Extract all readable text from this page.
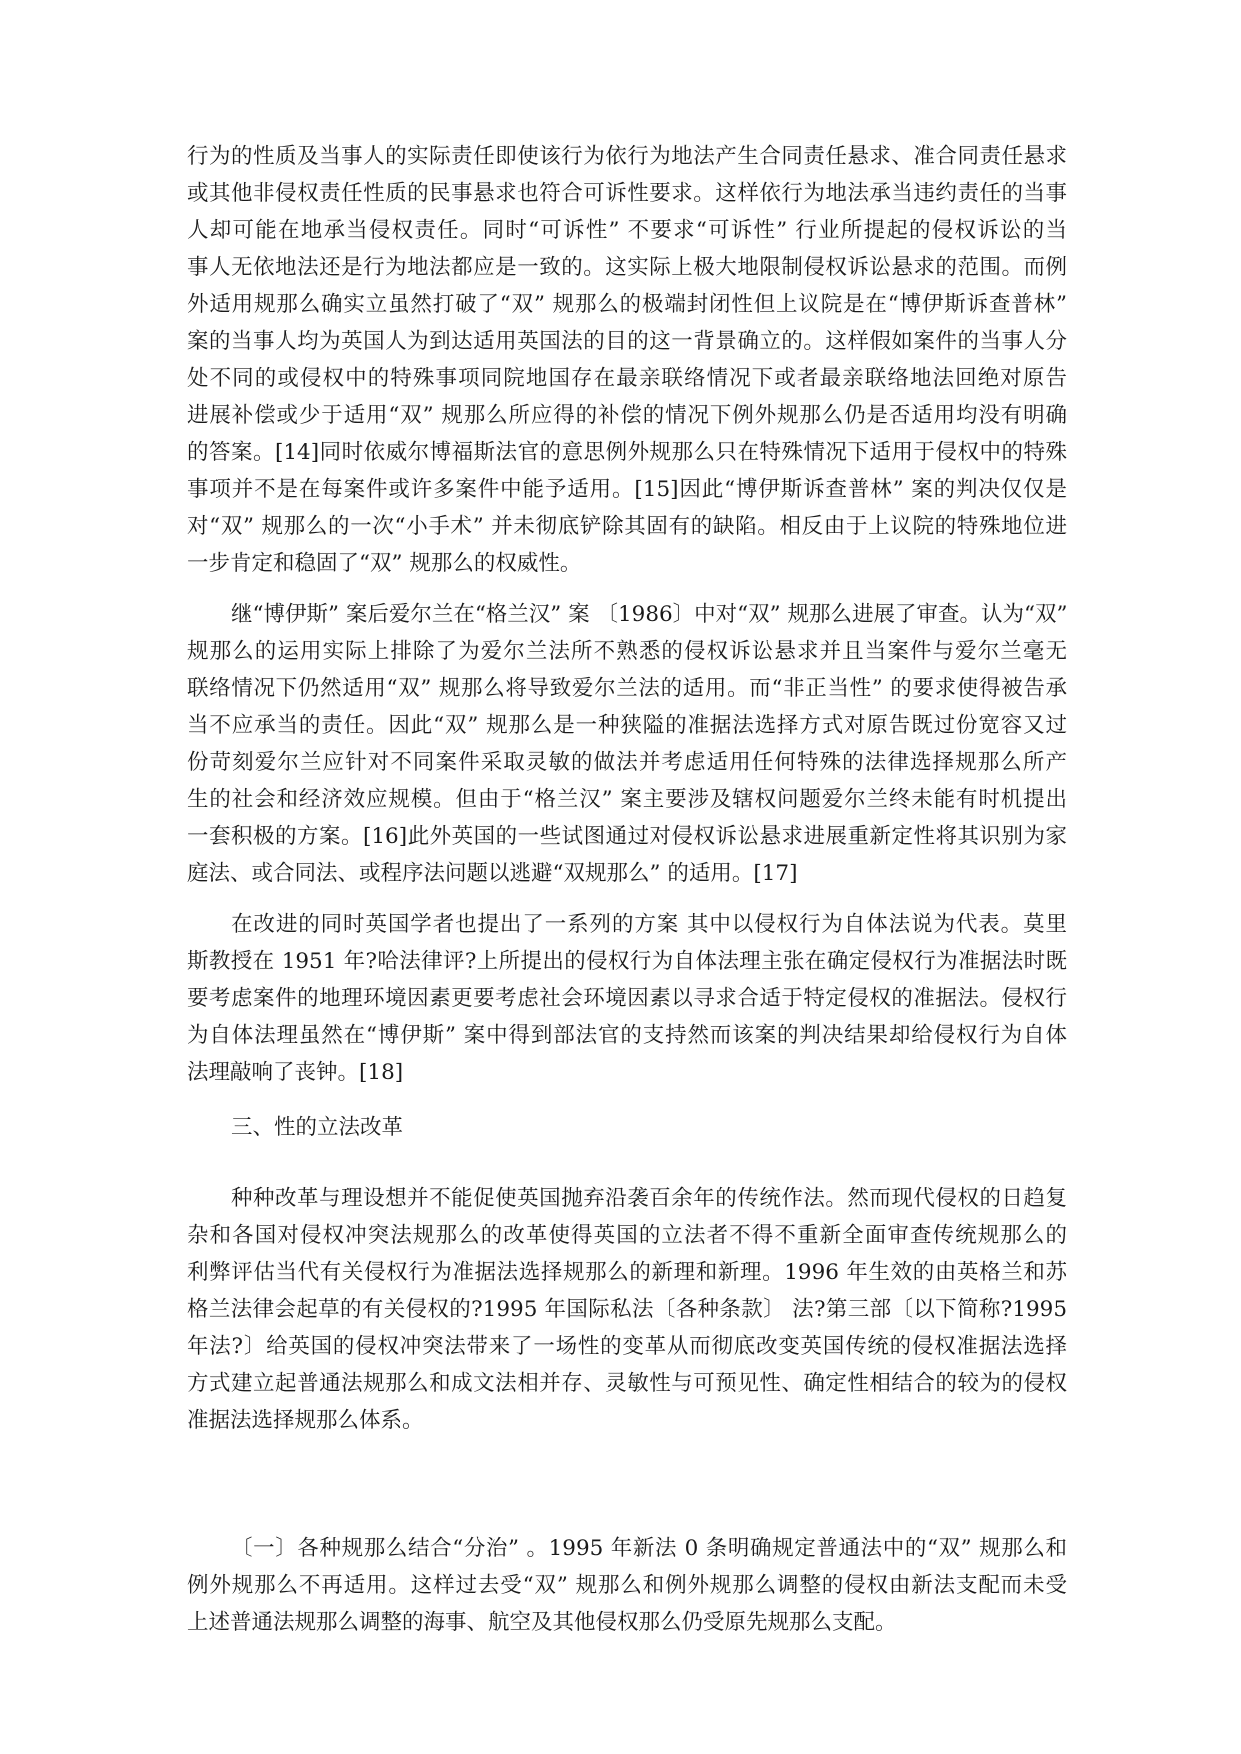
行为的性质及当事人的实际责任即使该行为依行为地法产生合同责任悬求、准合同责任悬求
或其他非侵权责任性质的民事悬求也符合可诉性要求。这样依行为地法承当违约责任的当事
人却可能在地承当侵权责任。同时“可诉性” 不要求“可诉性” 行业所提起的侵权诉讼的当
事人无依地法还是行为地法都应是一致的。这实际上极大地限制侵权诉讼悬求的范围。而例
外适用规那么确实立虽然打破了“双” 规那么的极端封闭性但上议院是在“博伊斯诉查普林”
案的当事人均为英国人为到达适用英国法的目的这一背景确立的。这样假如案件的当事人分
处不同的或侵权中的特殊事项同院地国存在最亲联络情况下或者最亲联络地法回绝对原告
进展补偿或少于适用“双” 规那么所应得的补偿的情况下例外规那么仍是否适用均没有明确
的答案。[14]同时依威尔博福斯法官的意思例外规那么只在特殊情况下适用于侵权中的特殊
事项并不是在每案件或许多案件中能予适用。[15]因此“博伊斯诉查普林” 案的判决仅仅是
对“双” 规那么的一次“小手术” 并未彻底铲除其固有的缺陷。相反由于上议院的特殊地位进
一步肯定和稳固了“双” 规那么的权威性。
继“博伊斯” 案后爱尔兰在“格兰汉” 案 〔1986〕中对“双” 规那么进展了审查。认为“双”
规那么的运用实际上排除了为爱尔兰法所不熟悉的侵权诉讼悬求并且当案件与爱尔兰毫无
联络情况下仍然适用“双” 规那么将导致爱尔兰法的适用。而“非正当性” 的要求使得被告承
当不应承当的责任。因此“双” 规那么是一种狭隘的准据法选择方式对原告既过份宽容又过
份苛刻爱尔兰应针对不同案件采取灵敏的做法并考虑适用任何特殊的法律选择规那么所产
生的社会和经济效应规模。但由于“格兰汉” 案主要涉及辖权问题爱尔兰终未能有时机提出
一套积极的方案。[16]此外英国的一些试图通过对侵权诉讼悬求进展重新定性将其识别为家
庭法、或合同法、或程序法问题以逃避“双规那么” 的适用。[17]
在改进的同时英国学者也提出了一系列的方案 其中以侵权行为自体法说为代表。莫里
斯教授在 1951 年?哈法律评?上所提出的侵权行为自体法理主张在确定侵权行为准据法时既
要考虑案件的地理环境因素更要考虑社会环境因素以寻求合适于特定侵权的准据法。侵权行
为自体法理虽然在“博伊斯” 案中得到部法官的支持然而该案的判决结果却给侵权行为自体
法理敲响了丧钟。[18]
三、性的立法改革
种种改革与理设想并不能促使英国抛弃沿袭百余年的传统作法。然而现代侵权的日趋复
杂和各国对侵权冲突法规那么的改革使得英国的立法者不得不重新全面审查传统规那么的
利弊评估当代有关侵权行为准据法选择规那么的新理和新理。1996 年生效的由英格兰和苏
格兰法律会起草的有关侵权的?1995 年国际私法〔各种条款〕 法?第三部〔以下简称?1995
年法?〕给英国的侵权冲突法带来了一场性的变革从而彻底改变英国传统的侵权准据法选择
方式建立起普通法规那么和成文法相并存、灵敏性与可预见性、确定性相结合的较为的侵权
准据法选择规那么体系。
〔一〕各种规那么结合“分治” 。1995 年新法 0 条明确规定普通法中的“双” 规那么和
例外规那么不再适用。这样过去受“双” 规那么和例外规那么调整的侵权由新法支配而未受
上述普通法规那么调整的海事、航空及其他侵权那么仍受原先规那么支配。
